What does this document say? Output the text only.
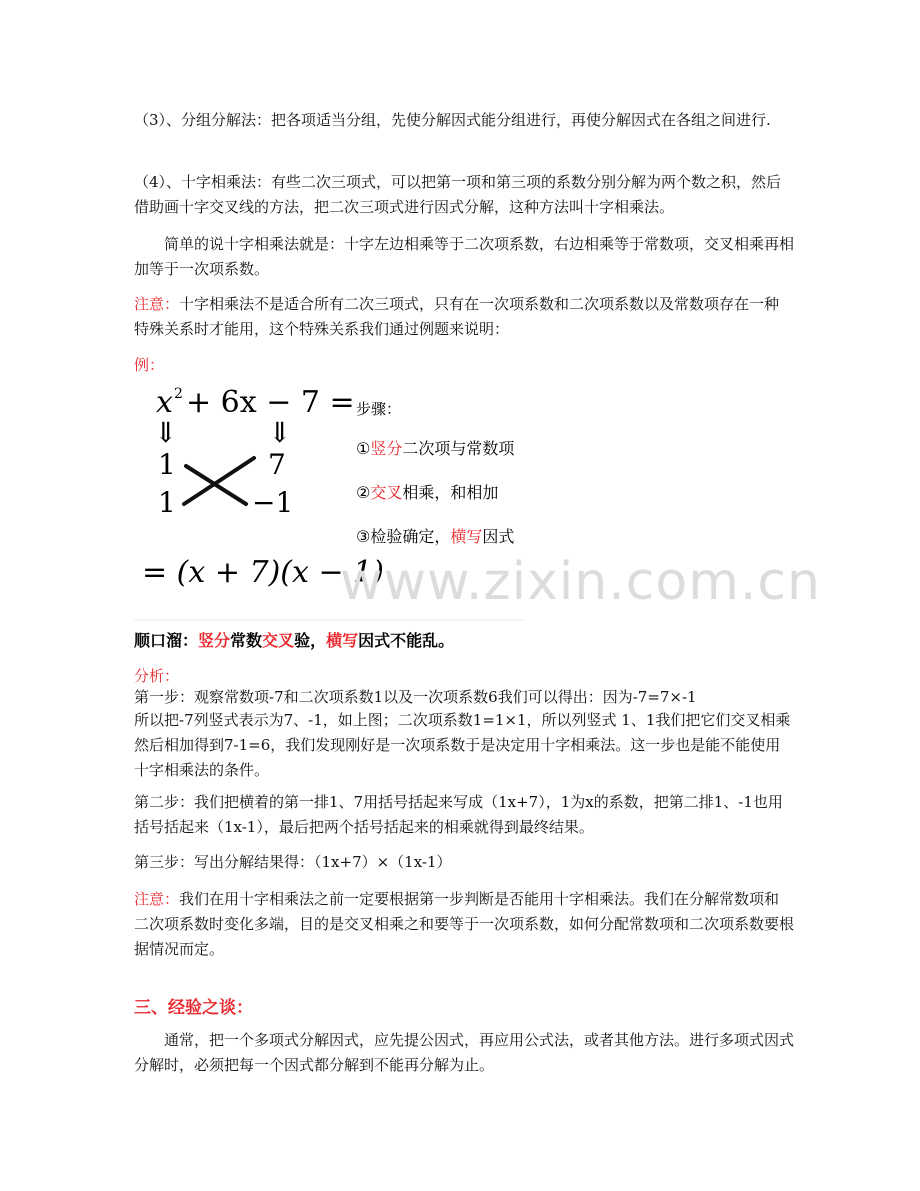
（3）、分组分解法：把各项适当分组，先使分解因式能分组进行，再使分解因式在各组之间进行.

（4）、十字相乘法：有些二次三项式，可以把第一项和第三项的系数分别分解为两个数之积，然后借助画十字交叉线的方法，把二次三项式进行因式分解，这种方法叫十字相乘法。

简单的说十字相乘法就是：十字左边相乘等于二次项系数，右边相乘等于常数项，交叉相乘再相加等于一次项系数。

注意：十字相乘法不是适合所有二次三项式，只有在一次项系数和二次项系数以及常数项存在一种特殊关系时才能用，这个特殊关系我们通过例题来说明：

例：

x 2 + 6x − 7 =
⇓	⇓
1
1
7
−1
= (x + 7)(x − 1)
步骤：
①竖分二次项与常数项
②交叉相乘，和相加
③检验确定，横写因式
顺口溜：竖分常数交叉验，横写因式不能乱。
www.zixin.com.cn

分析：

第一步：观察常数项-7和二次项系数1以及一次项系数6我们可以得出：因为-7=7×-1

所以把-7列竖式表示为7、-1，如上图；二次项系数1=1×1，所以列竖式 1、1我们把它们交叉相乘然后相加得到7-1=6，我们发现刚好是一次项系数于是决定用十字相乘法。这一步也是能不能使用十字相乘法的条件。

第二步：我们把横着的第一排1、7用括号括起来写成（1x+7），1为x的系数，把第二排1、-1也用括号括起来（1x-1），最后把两个括号括起来的相乘就得到最终结果。

第三步：写出分解结果得：（1x+7）×（1x-1）

注意：我们在用十字相乘法之前一定要根据第一步判断是否能用十字相乘法。我们在分解常数项和二次项系数时变化多端，目的是交叉相乘之和要等于一次项系数，如何分配常数项和二次项系数要根据情况而定。

三、经验之谈：

通常，把一个多项式分解因式，应先提公因式，再应用公式法，或者其他方法。进行多项式因式分解时，必须把每一个因式都分解到不能再分解为止。
